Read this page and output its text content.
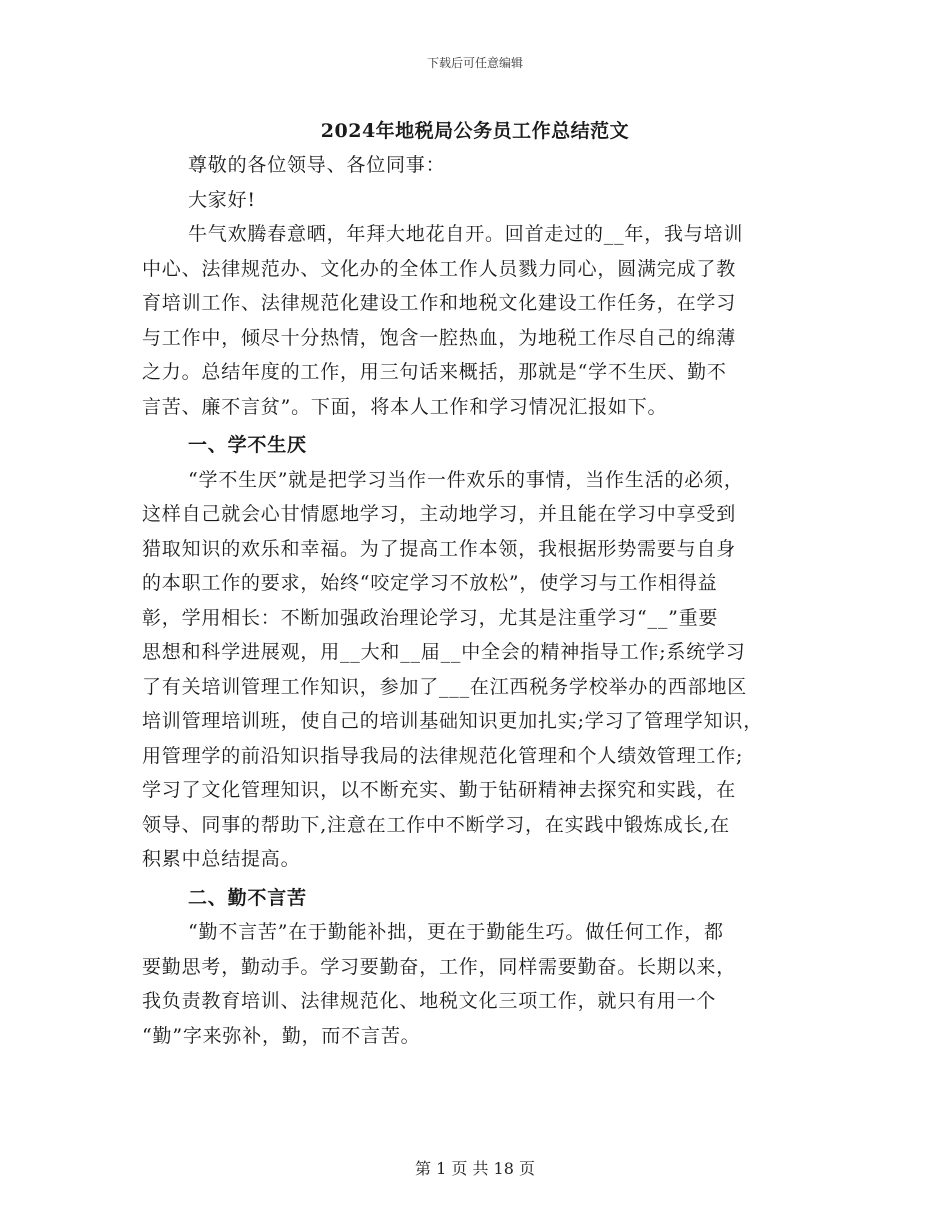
下载后可任意编辑
2024年地税局公务员工作总结范文
尊敬的各位领导、各位同事：
大家好!
牛气欢腾春意晒，年拜大地花自开。回首走过的__年，我与培训
中心、法律规范办、文化办的全体工作人员戮力同心，圆满完成了教
育培训工作、法律规范化建设工作和地税文化建设工作任务，在学习
与工作中，倾尽十分热情，饱含一腔热血，为地税工作尽自己的绵薄
之力。总结年度的工作，用三句话来概括，那就是“学不生厌、勤不
言苦、廉不言贫”。下面，将本人工作和学习情况汇报如下。
一、学不生厌
“学不生厌”就是把学习当作一件欢乐的事情，当作生活的必须，
这样自己就会心甘情愿地学习，主动地学习，并且能在学习中享受到
猎取知识的欢乐和幸福。为了提高工作本领，我根据形势需要与自身
的本职工作的要求，始终“咬定学习不放松”，使学习与工作相得益
彰，学用相长：不断加强政治理论学习，尤其是注重学习“__”重要
思想和科学进展观，用__大和__届__中全会的精神指导工作;系统学习
了有关培训管理工作知识，参加了___在江西税务学校举办的西部地区
培训管理培训班，使自己的培训基础知识更加扎实;学习了管理学知识，
用管理学的前沿知识指导我局的法律规范化管理和个人绩效管理工作;
学习了文化管理知识，以不断充实、勤于钻研精神去探究和实践，在
领导、同事的帮助下,注意在工作中不断学习，在实践中锻炼成长,在
积累中总结提高。
二、勤不言苦
“勤不言苦”在于勤能补拙，更在于勤能生巧。做任何工作，都
要勤思考，勤动手。学习要勤奋，工作，同样需要勤奋。长期以来，
我负责教育培训、法律规范化、地税文化三项工作，就只有用一个
“勤”字来弥补，勤，而不言苦。
第 1 页 共 18 页
